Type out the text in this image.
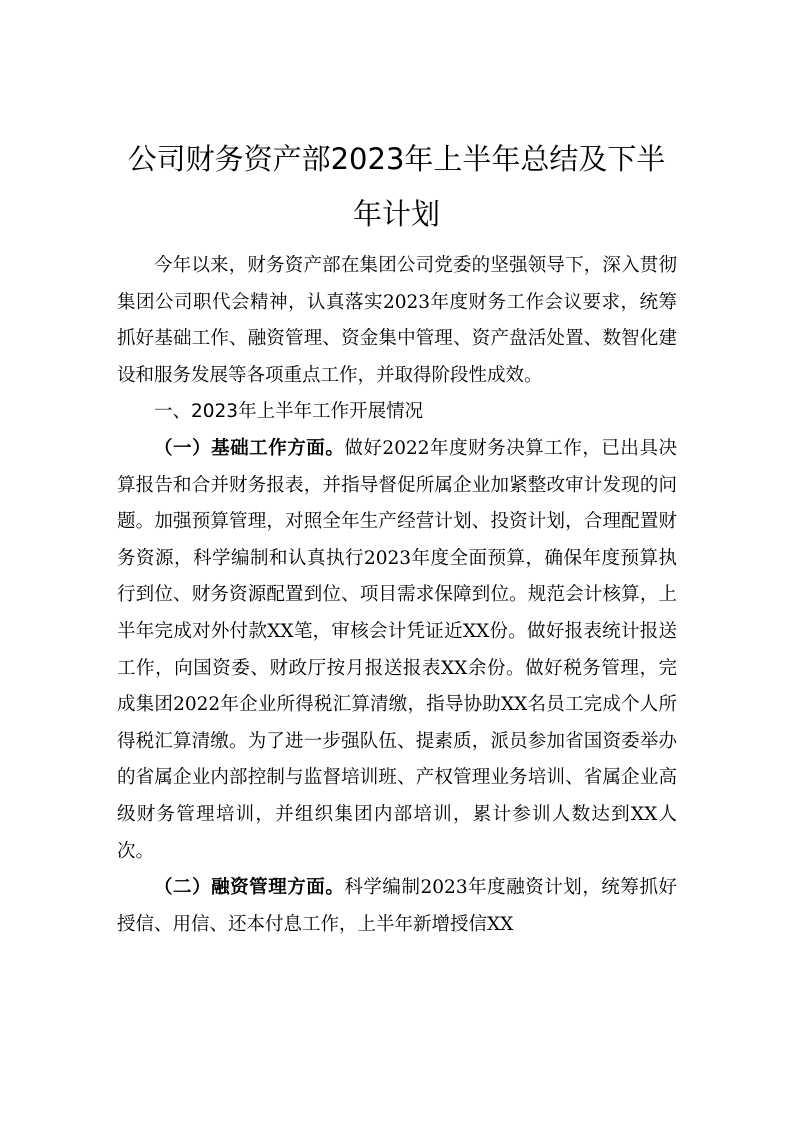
公司财务资产部2023年上半年总结及下半
年计划

今年以来，财务资产部在集团公司党委的坚强领导下，深入贯彻集团公司职代会精神，认真落实2023年度财务工作会议要求，统筹抓好基础工作、融资管理、资金集中管理、资产盘活处置、数智化建设和服务发展等各项重点工作，并取得阶段性成效。

一、2023年上半年工作开展情况

（一）基础工作方面。做好2022年度财务决算工作，已出具决算报告和合并财务报表，并指导督促所属企业加紧整改审计发现的问题。加强预算管理，对照全年生产经营计划、投资计划，合理配置财务资源，科学编制和认真执行2023年度全面预算，确保年度预算执行到位、财务资源配置到位、项目需求保障到位。规范会计核算，上半年完成对外付款XX笔，审核会计凭证近XX份。做好报表统计报送工作，向国资委、财政厅按月报送报表XX余份。做好税务管理，完成集团2022年企业所得税汇算清缴，指导协助XX名员工完成个人所得税汇算清缴。为了进一步强队伍、提素质，派员参加省国资委举办的省属企业内部控制与监督培训班、产权管理业务培训、省属企业高级财务管理培训，并组织集团内部培训，累计参训人数达到XX人次。

（二）融资管理方面。科学编制2023年度融资计划，统筹抓好授信、用信、还本付息工作，上半年新增授信XX
